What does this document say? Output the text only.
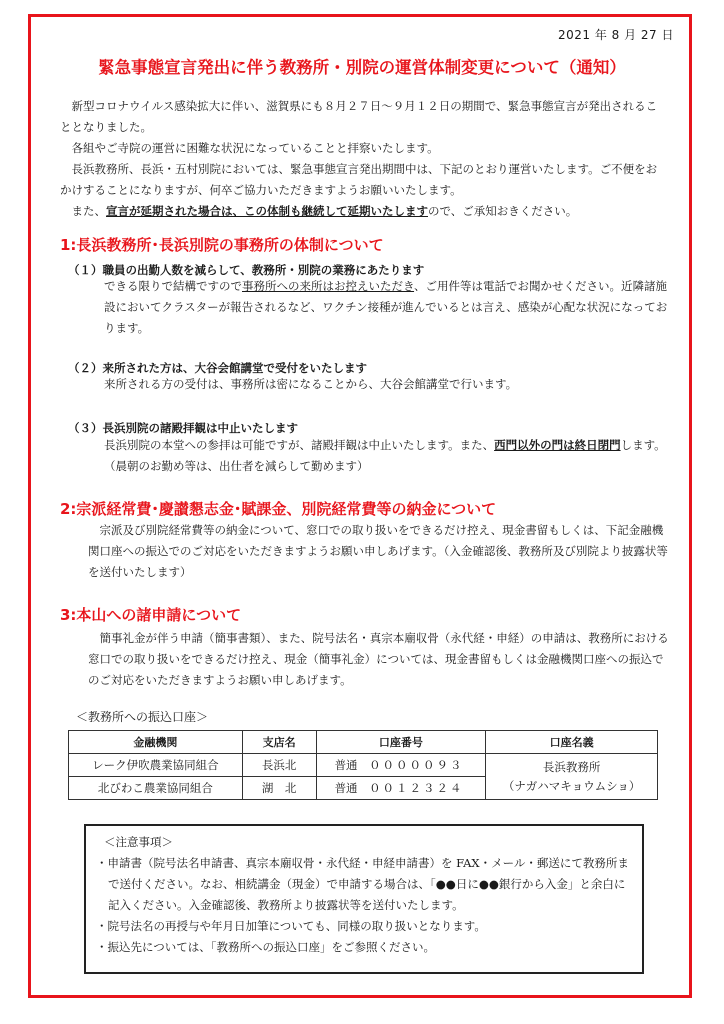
2021 年 8 月 27 日
緊急事態宣言発出に伴う教務所・別院の運営体制変更について（通知）

新型コロナウイルス感染拡大に伴い、滋賀県にも８月２７日～９月１２日の期間で、緊急事態宣言が発出されることとなりました。

各組やご寺院の運営に困難な状況になっていることと拝察いたします。

長浜教務所、長浜・五村別院においては、緊急事態宣言発出期間中は、下記のとおり運営いたします。ご不便をおかけすることになりますが、何卒ご協力いただきますようお願いいたします。

また、宣言が延期された場合は、この体制も継続して延期いたしますので、ご承知おきください。

1:長浜教務所･長浜別院の事務所の体制について
（１）職員の出勤人数を減らして、教務所・別院の業務にあたります
できる限りで結構ですので事務所への来所はお控えいただき、ご用件等は電話でお聞かせください。近隣諸施設においてクラスターが報告されるなど、ワクチン接種が進んでいるとは言え、感染が心配な状況になっております。
（２）来所された方は、大谷会館講堂で受付をいたします
来所される方の受付は、事務所は密になることから、大谷会館講堂で行います。
（３）長浜別院の諸殿拝観は中止いたします
長浜別院の本堂への参拝は可能ですが、諸殿拝観は中止いたします。また、西門以外の門は終日閉門します。（晨朝のお勤め等は、出仕者を減らして勤めます）
2:宗派経常費･慶讃懇志金･賦課金、別院経常費等の納金について
宗派及び別院経常費等の納金について、窓口での取り扱いをできるだけ控え、現金書留もしくは、下記金融機関口座への振込でのご対応をいただきますようお願い申しあげます。（入金確認後、教務所及び別院より披露状等を送付いたします）
3:本山への諸申請について
簡事礼金が伴う申請（簡事書類）、また、院号法名・真宗本廟収骨（永代経・申経）の申請は、教務所における窓口での取り扱いをできるだけ控え、現金（簡事礼金）については、現金書留もしくは金融機関口座への振込でのご対応をいただきますようお願い申しあげます。
＜教務所への振込口座＞
金融機関	支店名	口座番号	口座名義
レーク伊吹農業協同組合	長浜北	普通　 ０００００９３	長浜教務所
（ナガハマキョウムショ）

北びわこ農業協同組合	湖　北	普通　 ００１２３２４	
＜注意事項＞
・申請書（院号法名申請書、真宗本廟収骨・永代経・申経申請書）を FAX・メール・郵送にて教務所まで送付ください。なお、相続講金（現金）で申請する場合は、「●●日に●●銀行から入金」と余白に記入ください。入金確認後、教務所より披露状等を送付いたします。
・院号法名の再授与や年月日加筆についても、同様の取り扱いとなります。
・振込先については、「教務所への振込口座」をご参照ください。
